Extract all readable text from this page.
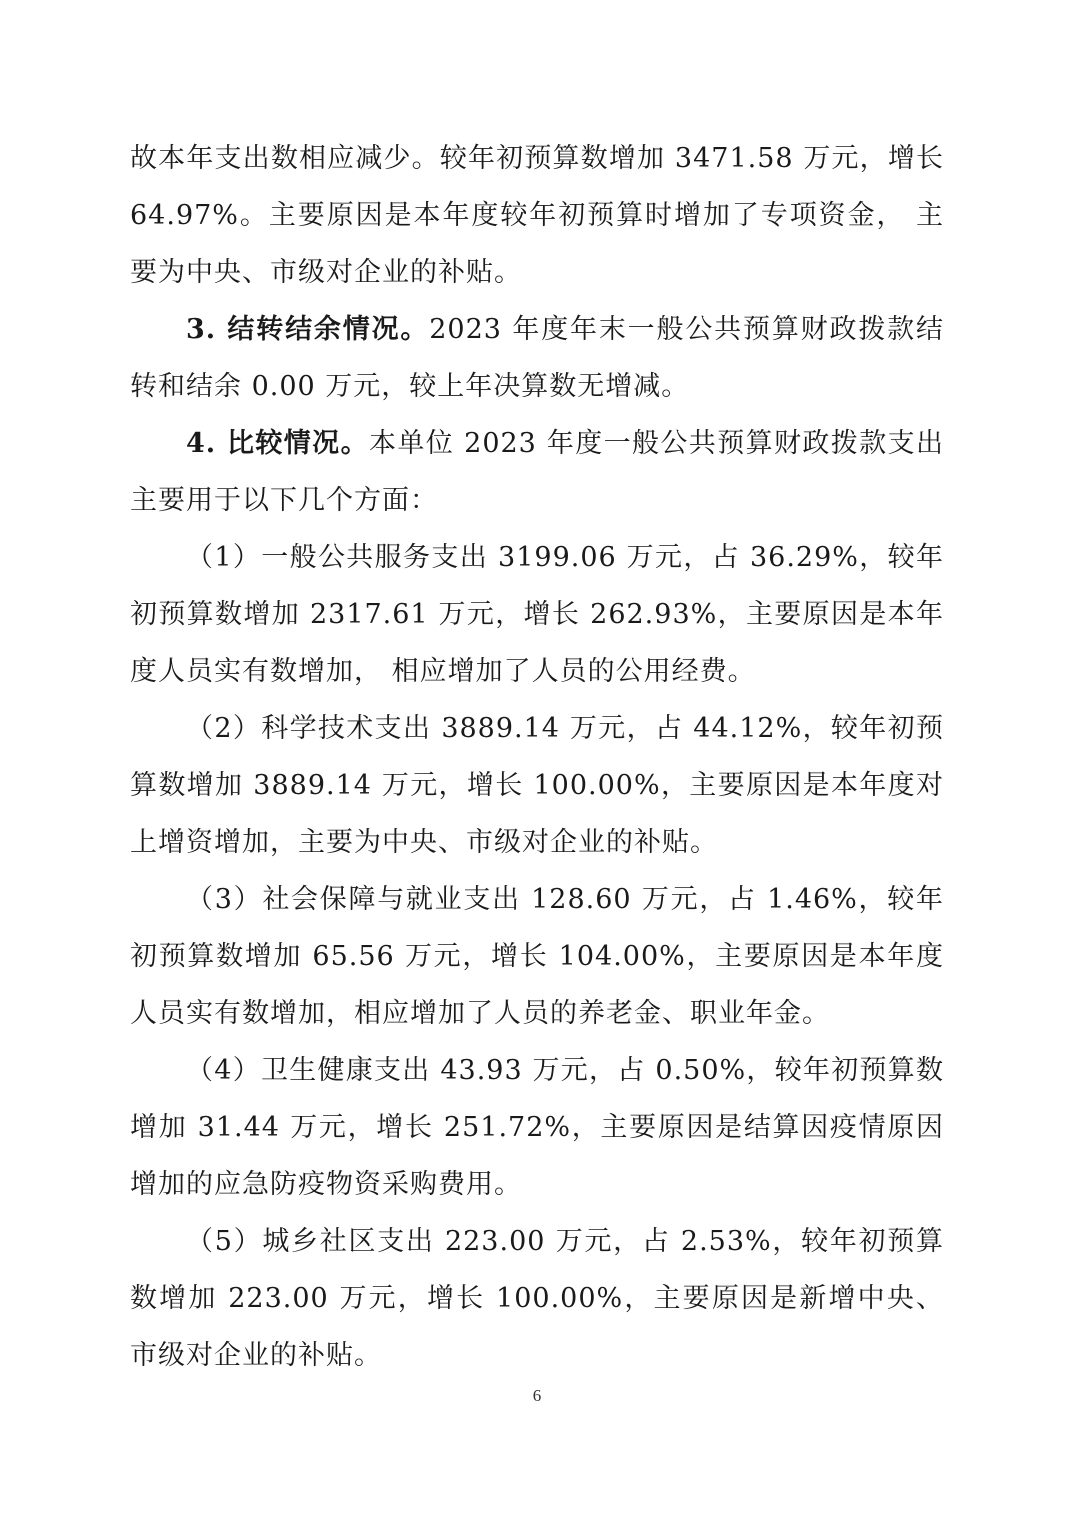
故本年支出数相应减少。较年初预算数增加 3471.58 万元，增长 64.97%。主要原因是本年度较年初预算时增加了专项资金， 主要为中央、市级对企业的补贴。

3. 结转结余情况。2023 年度年末一般公共预算财政拨款结转和结余 0.00 万元，较上年决算数无增减。

4. 比较情况。本单位 2023 年度一般公共预算财政拨款支出主要用于以下几个方面：

（1）一般公共服务支出 3199.06 万元，占 36.29%，较年初预算数增加 2317.61 万元，增长 262.93%，主要原因是本年度人员实有数增加， 相应增加了人员的公用经费。

（2）科学技术支出 3889.14 万元，占 44.12%，较年初预算数增加 3889.14 万元，增长 100.00%，主要原因是本年度对上增资增加，主要为中央、市级对企业的补贴。

（3）社会保障与就业支出 128.60 万元，占 1.46%，较年初预算数增加 65.56 万元，增长 104.00%，主要原因是本年度人员实有数增加，相应增加了人员的养老金、职业年金。

（4）卫生健康支出 43.93 万元，占 0.50%，较年初预算数增加 31.44 万元，增长 251.72%，主要原因是结算因疫情原因增加的应急防疫物资采购费用。

（5）城乡社区支出 223.00 万元，占 2.53%，较年初预算数增加 223.00 万元，增长 100.00%，主要原因是新增中央、市级对企业的补贴。

6
